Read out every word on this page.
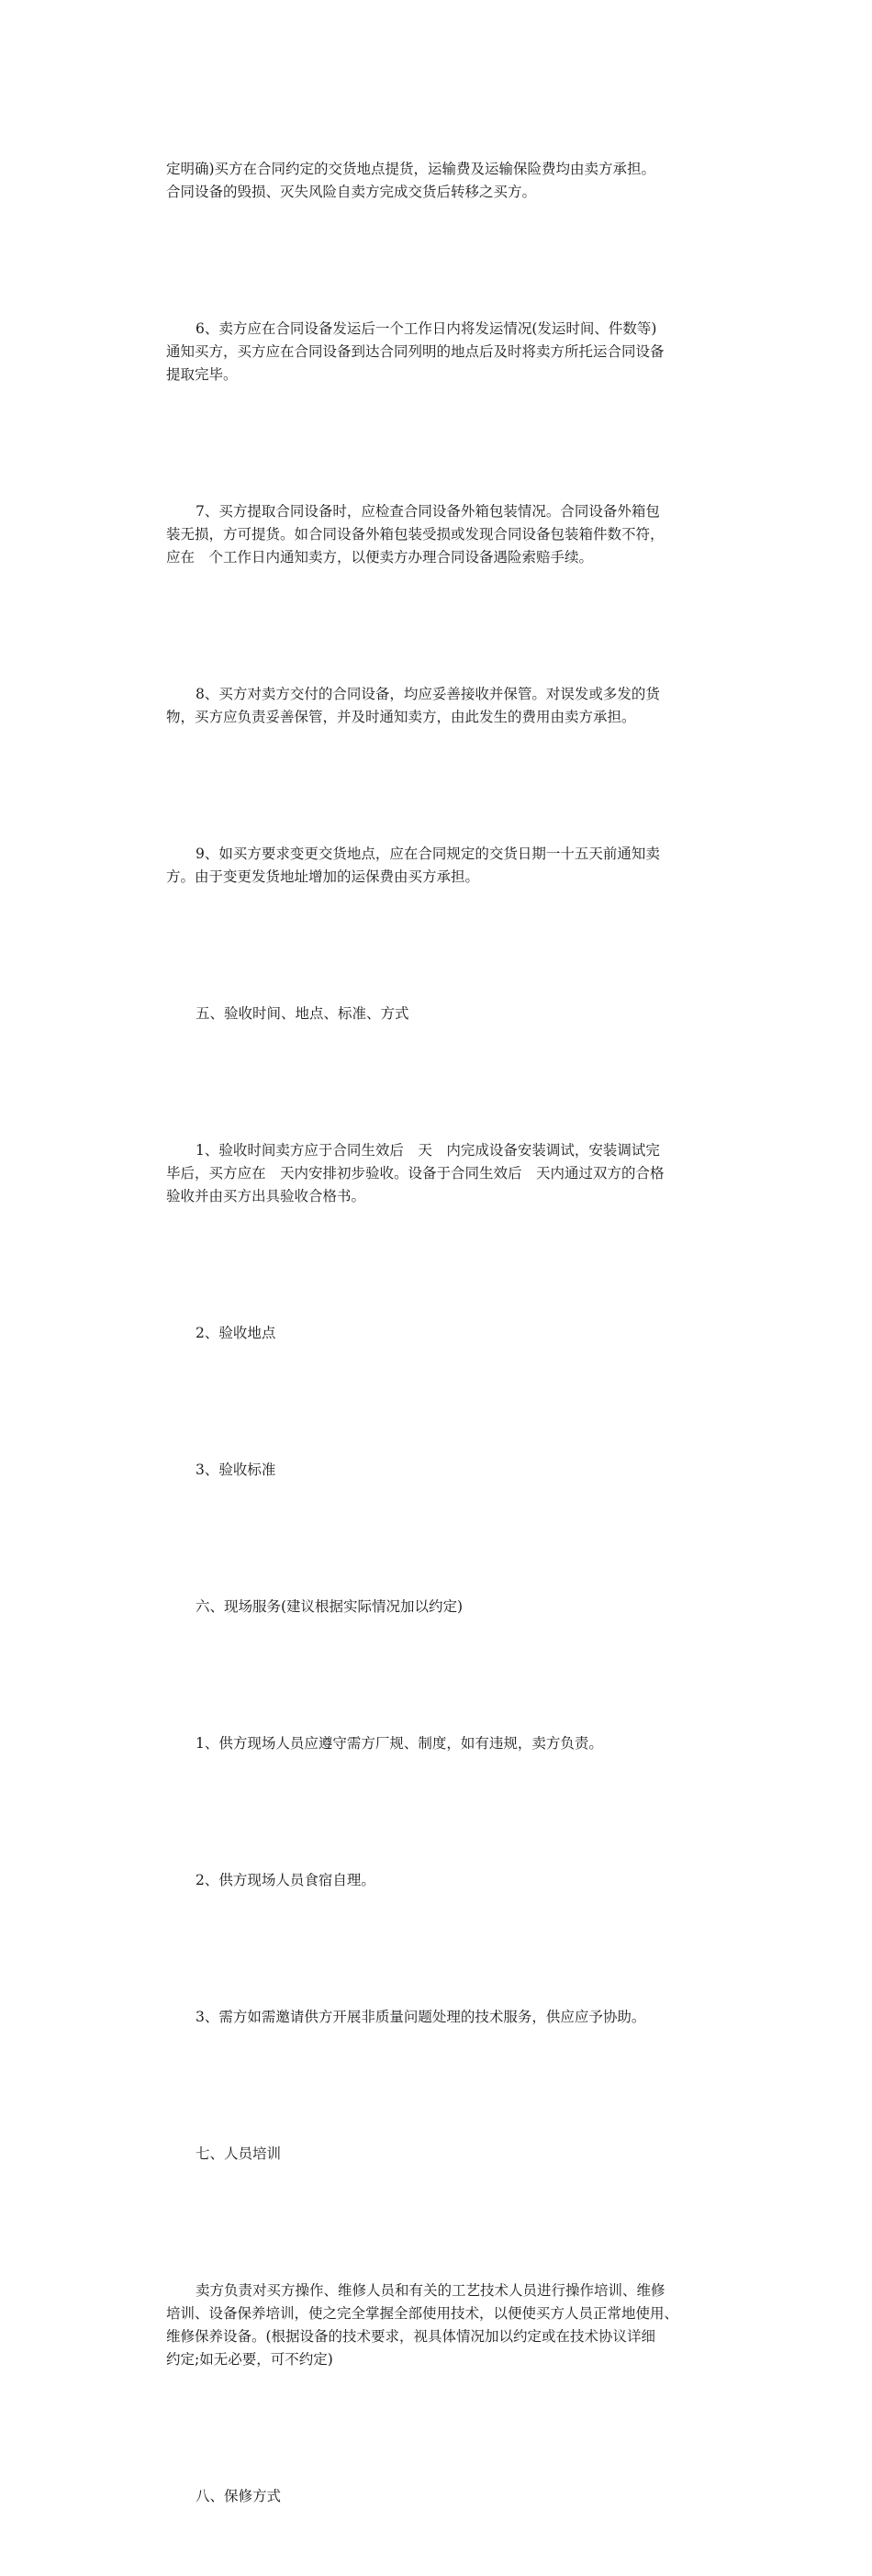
定明确)买方在合同约定的交货地点提货，运输费及运输保险费均由卖方承担。
合同设备的毁损、灭失风险自卖方完成交货后转移之买方。

6、卖方应在合同设备发运后一个工作日内将发运情况(发运时间、件数等)
通知买方，买方应在合同设备到达合同列明的地点后及时将卖方所托运合同设备
提取完毕。

7、买方提取合同设备时，应检查合同设备外箱包装情况。合同设备外箱包
装无损，方可提货。如合同设备外箱包装受损或发现合同设备包装箱件数不符，
应在　个工作日内通知卖方，以便卖方办理合同设备遇险索赔手续。

8、买方对卖方交付的合同设备，均应妥善接收并保管。对误发或多发的货
物，买方应负责妥善保管，并及时通知卖方，由此发生的费用由卖方承担。

9、如买方要求变更交货地点，应在合同规定的交货日期一十五天前通知卖
方。由于变更发货地址增加的运保费由买方承担。

五、验收时间、地点、标准、方式

1、验收时间卖方应于合同生效后　天　内完成设备安装调试，安装调试完
毕后，买方应在　天内安排初步验收。设备于合同生效后　天内通过双方的合格
验收并由买方出具验收合格书。

2、验收地点

3、验收标准

六、现场服务(建议根据实际情况加以约定)

1、供方现场人员应遵守需方厂规、制度，如有违规，卖方负责。

2、供方现场人员食宿自理。

3、需方如需邀请供方开展非质量问题处理的技术服务，供应应予协助。

七、人员培训

卖方负责对买方操作、维修人员和有关的工艺技术人员进行操作培训、维修
培训、设备保养培训，使之完全掌握全部使用技术，以便使买方人员正常地使用、
维修保养设备。(根据设备的技术要求，视具体情况加以约定或在技术协议详细
约定;如无必要，可不约定)

八、保修方式
